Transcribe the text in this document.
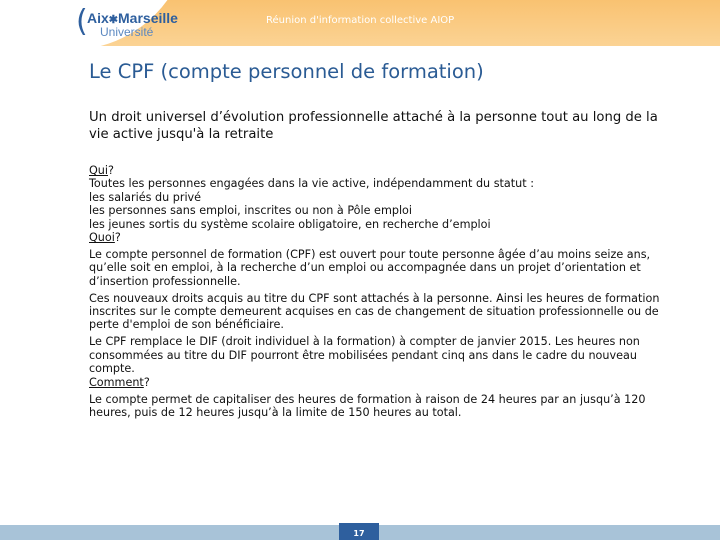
( Aix✱Marseille
Université
Réunion d'information collective AIOP
Le CPF (compte personnel de formation)

Un droit universel d’évolution professionnelle attaché à la personne tout au long de la vie active jusqu'à la retraite

Qui?
Toutes les personnes engagées dans la vie active, indépendamment du statut :
les salariés du privé
les personnes sans emploi, inscrites ou non à Pôle emploi
les jeunes sortis du système scolaire obligatoire, en recherche d’emploi
Quoi?
Le compte personnel de formation (CPF) est ouvert pour toute personne âgée d’au moins seize ans, qu’elle soit en emploi, à la recherche d’un emploi ou accompagnée dans un projet d’orientation et d’insertion professionnelle.
Ces nouveaux droits acquis au titre du CPF sont attachés à la personne. Ainsi les heures de formation inscrites sur le compte demeurent acquises en cas de changement de situation professionnelle ou de perte d'emploi de son bénéficiaire.
Le CPF remplace le DIF (droit individuel à la formation) à compter de janvier 2015. Les heures non consommées au titre du DIF pourront être mobilisées pendant cinq ans dans le cadre du nouveau compte.
Comment?
Le compte permet de capitaliser des heures de formation à raison de 24 heures par an jusqu’à 120 heures, puis de 12 heures jusqu’à la limite de 150 heures au total.
17
